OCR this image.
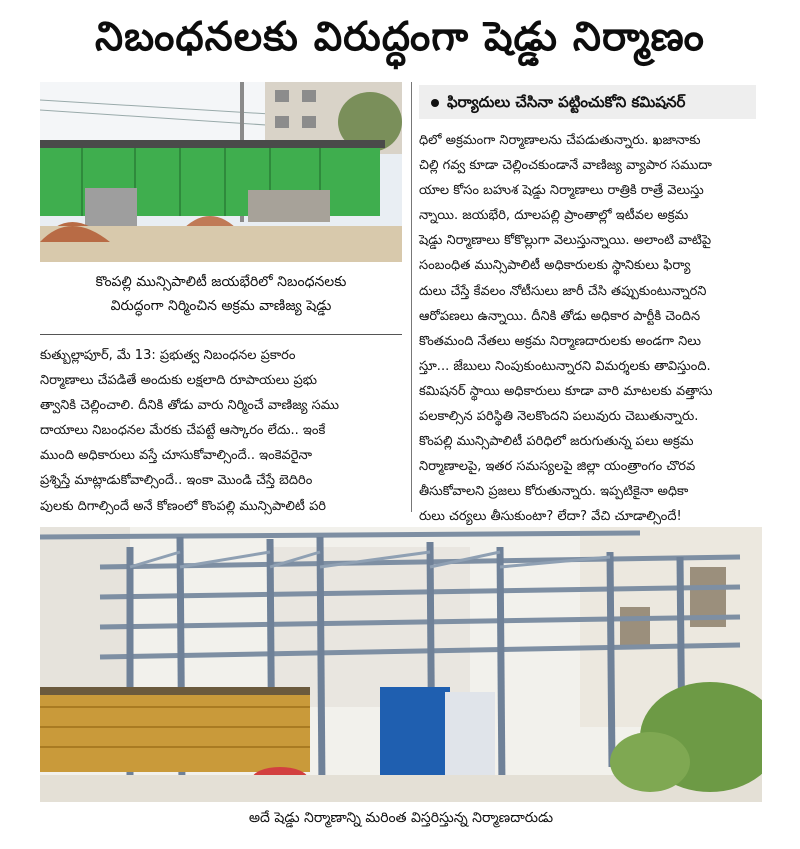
నిబంధనలకు విరుద్ధంగా షెడ్డు నిర్మాణం
కొంపల్లి మున్సిపాలిటీ జయభేరిలో నిబంధనలకు
విరుద్ధంగా నిర్మించిన అక్రమ వాణిజ్య షెడ్డు
ఫిర్యాదులు చేసినా పట్టించుకోని కమిషనర్

కుత్బుల్లాపూర్, మే 13: ప్రభుత్వ నిబంధనల ప్రకారం

నిర్మాణాలు చేపడితే అందుకు లక్షలాది రూపాయలు ప్రభు

త్వానికి చెల్లించాలి. దీనికి తోడు వారు నిర్మించే వాణిజ్య సము

దాయాలు నిబంధనల మేరకు చేపట్టే ఆస్కారం లేదు.. ఇంకే

ముంది అధికారులు వస్తే చూసుకోవాల్సిందే.. ఇంకెవరైనా

ప్రశ్నిస్తే మాట్లాడుకోవాల్సిందే.. ఇంకా మొండి చేస్తే బెదిరిం

పులకు దిగాల్సిందే అనే కోణంలో కొంపల్లి మున్సిపాలిటీ పరి

ధిలో అక్రమంగా నిర్మాణాలను చేపడుతున్నారు. ఖజానాకు

చిల్లి గవ్వ కూడా చెల్లించకుండానే వాణిజ్య వ్యాపార సముదా

యాల కోసం బహుశ షెడ్డు నిర్మాణాలు రాత్రికి రాత్రే వెలుస్తు

న్నాయి. జయభేరి, దూలపల్లి ప్రాంతాల్లో ఇటీవల అక్రమ

షెడ్డు నిర్మాణాలు కోకొల్లుగా వెలుస్తున్నాయి. అలాంటి వాటిపై

సంబంధిత మున్సిపాలిటీ అధికారులకు స్థానికులు ఫిర్యా

దులు చేస్తే కేవలం నోటీసులు జారీ చేసి తప్పుకుంటున్నారని

ఆరోపణలు ఉన్నాయి. దీనికి తోడు అధికార పార్టీకి చెందిన

కొంతమంది నేతలు అక్రమ నిర్మాణదారులకు అండగా నిలు

స్తూ... జేబులు నింపుకుంటున్నారని విమర్శలకు తావిస్తుంది.

కమిషనర్ స్థాయి అధికారులు కూడా వారి మాటలకు వత్తాసు

పలకాల్సిన పరిస్థితి నెలకొందని పలువురు చెబుతున్నారు.

కొంపల్లి మున్సిపాలిటీ పరిధిలో జరుగుతున్న పలు అక్రమ

నిర్మాణాలపై, ఇతర సమస్యలపై జిల్లా యంత్రాంగం చొరవ

తీసుకోవాలని ప్రజలు కోరుతున్నారు. ఇప్పటికైనా అధికా

రులు చర్యలు తీసుకుంటా? లేదా? వేచి చూడాల్సిందే!

అదే షెడ్డు నిర్మాణాన్ని మరింత విస్తరిస్తున్న నిర్మాణదారుడు
